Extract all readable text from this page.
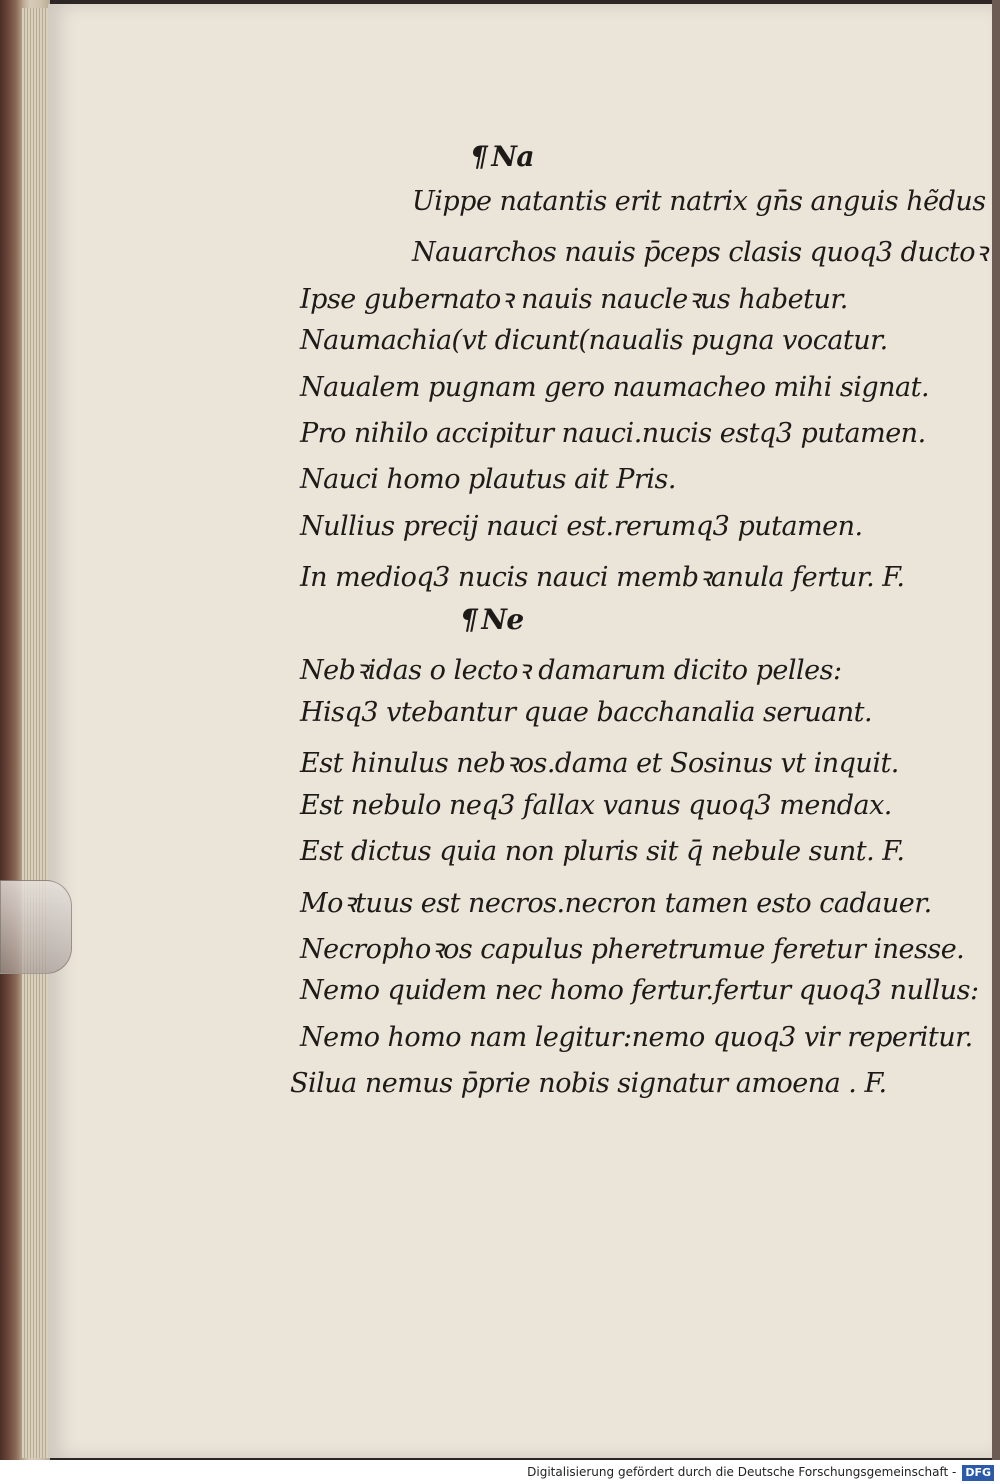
¶ Na

Uippe natantis erit natrix gn̄s anguis hẽdus

Nauarchos nauis p̄ceps clasis quoq3 ductoꝛ

Ipse gubernatoꝛ nauis naucleꝛus habetur.

Naumachia(vt dicunt(naualis pugna vocatur.

Naualem pugnam gero naumacheo mihi signat.

Pro nihilo accipitur nauci.nucis estq3 putamen.

Nauci homo plautus ait Pris.

Nullius precij nauci est.rerumq3 putamen.

In medioq3 nucis nauci membꝛanula fertur. F.

¶ Ne

Nebꝛidas o lectoꝛ damarum dicito pelles:

Hisq3 vtebantur quae bacchanalia seruant.

Est hinulus nebꝛos.dama et Sosinus vt inquit.

Est nebulo neq3 fallax vanus quoq3 mendax.

Est dictus quia non pluris sit q̄ nebule sunt. F.

Moꝛtuus est necros.necron tamen esto cadauer.

Necrophoꝛos capulus pheretrumue feretur inesse.

Nemo quidem nec homo fertur.fertur quoq3 nullus:

Nemo homo nam legitur:nemo quoq3 vir reperitur.

Silua nemus p̄prie nobis signatur amoena . F.

Digitalisierung gefördert durch die Deutsche Forschungsgemeinschaft - DFG
